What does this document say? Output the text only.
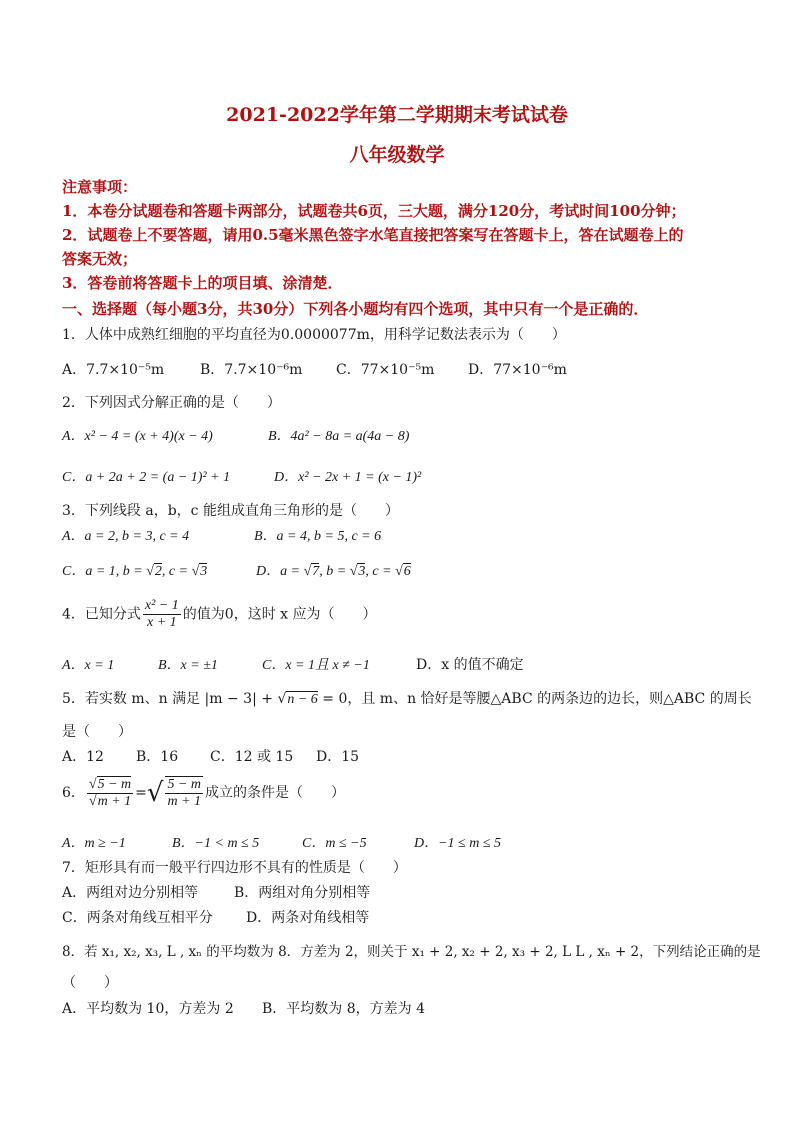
2021-2022学年第二学期期末考试试卷
八年级数学
注意事项：
1．本卷分试题卷和答题卡两部分，试题卷共6页，三大题，满分120分，考试时间100分钟；
2．试题卷上不要答题，请用0.5毫米黑色签字水笔直接把答案写在答题卡上，答在试题卷上的
答案无效；
3．答卷前将答题卡上的项目填、涂清楚．
一、选择题（每小题3分，共30分）下列各小题均有四个选项，其中只有一个是正确的．
1．人体中成熟红细胞的平均直径为0.0000077m，用科学记数法表示为（　　）
A．7.7×10⁻⁵m	B．7.7×10⁻⁶m C．77×10⁻⁵m D．77×10⁻⁶m
2．下列因式分解正确的是（　　）
A．x² − 4 = (x + 4)(x − 4)	B．4a² − 8a = a(4a − 8)
C．a + 2a + 2 = (a − 1)² + 1	D．x² − 2x + 1 = (x − 1)²
3．下列线段 a，b，c 能组成直角三角形的是（　　）
A．a = 2, b = 3, c = 4	B．a = 4, b = 5, c = 6
C．a = 1, b = √2, c = √3	D．a = √7, b = √3, c = √6
4．已知分式 $\frac{\text{x² − 1}}{x + 1}$ 的值为0，这时 x 应为（　　）
A．x = 1	B．x = ±1	C．x = 1且 x ≠ −1	D．x 的值不确定
5．若实数 m、n 满足 |m − 3| + √n − 6 = 0，且 m、n 恰好是等腰△ABC 的两条边的边长，则△ABC 的周长
是（　　）
A．12 B．16 C．12 或 15 D．15
6． $\frac{√5 - m}{√m + 1}$ =√ $\frac{5 - m}{m + 1}$ 成立的条件是（　　）
A．m ≥ −1	B．−1 < m ≤ 5	C．m ≤ −5	D．−1 ≤ m ≤ 5
7．矩形具有而一般平行四边形不具有的性质是（　　）
A．两组对边分别相等	B．两组对角分别相等
C．两条对角线互相平分 D．两条对角线相等
8．若 x₁, x₂, x₃, L , xₙ 的平均数为 8．方差为 2，则关于 x₁ + 2, x₂ + 2, x₃ + 2, L L , xₙ + 2，下列结论正确的是
（　　）
A．平均数为 10，方差为 2 B．平均数为 8，方差为 4
